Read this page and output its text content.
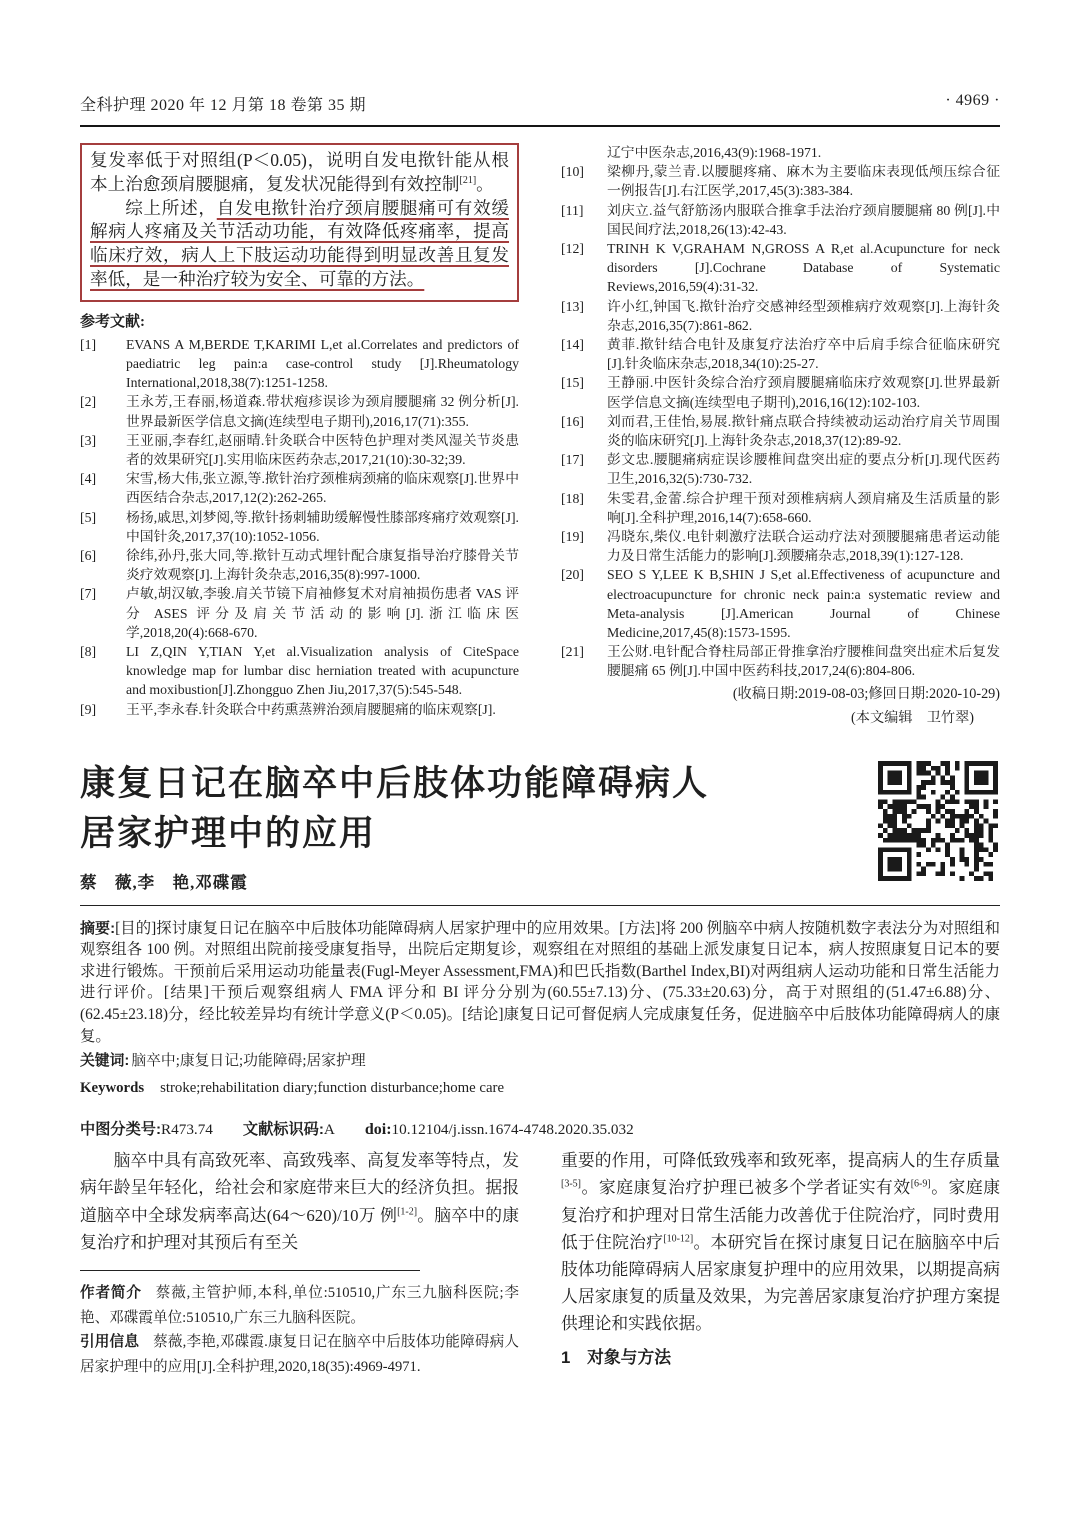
全科护理 2020 年 12 月第 18 卷第 35 期	· 4969 ·

复发率低于对照组(P＜0.05)，说明自发电揿针能从根本上治愈颈肩腰腿痛，复发状况能得到有效控制[21]。

综上所述，自发电揿针治疗颈肩腰腿痛可有效缓解病人疼痛及关节活动功能，有效降低疼痛率，提高临床疗效，病人上下肢运动功能得到明显改善且复发率低，是一种治疗较为安全、可靠的方法。

参考文献:
[1]	EVANS A M,BERDE T,KARIMI L,et al.Correlates and predictors of paediatric leg pain:a case-control study [J].Rheumatology International,2018,38(7):1251-1258.
[2]	王永芳,王春丽,杨道森.带状疱疹误诊为颈肩腰腿痛 32 例分析[J].世界最新医学信息文摘(连续型电子期刊),2016,17(71):355.
[3]	王亚丽,李春红,赵丽晴.针灸联合中医特色护理对类风湿关节炎患者的效果研究[J].实用临床医药杂志,2017,21(10):30-32;39.
[4]	宋雪,杨大伟,张立源,等.揿针治疗颈椎病颈痛的临床观察[J].世界中西医结合杂志,2017,12(2):262-265.
[5]	杨扬,戚思,刘梦阅,等.揿针扬刺辅助缓解慢性膝部疼痛疗效观察[J].中国针灸,2017,37(10):1052-1056.
[6]	徐纬,孙丹,张大同,等.揿针互动式埋针配合康复指导治疗膝骨关节炎疗效观察[J].上海针灸杂志,2016,35(8):997-1000.
[7]	卢敏,胡汉敏,李骏.肩关节镜下肩袖修复术对肩袖损伤患者 VAS 评分 ASES 评分及肩关节活动的影响[J].浙江临床医学,2018,20(4):668-670.
[8]	LI Z,QIN Y,TIAN Y,et al.Visualization analysis of CiteSpace knowledge map for lumbar disc herniation treated with acupuncture and moxibustion[J].Zhongguo Zhen Jiu,2017,37(5):545-548.
[9]	王平,李永春.针灸联合中药熏蒸辨治颈肩腰腿痛的临床观察[J].
辽宁中医杂志,2016,43(9):1968-1971.
[10]	梁柳丹,蒙兰青.以腰腿疼痛、麻木为主要临床表现低颅压综合征一例报告[J].右江医学,2017,45(3):383-384.
[11]	刘庆立.益气舒筋汤内服联合推拿手法治疗颈肩腰腿痛 80 例[J].中国民间疗法,2018,26(13):42-43.
[12]	TRINH K V,GRAHAM N,GROSS A R,et al.Acupuncture for neck disorders [J].Cochrane Database of Systematic Reviews,2016,59(4):31-32.
[13]	许小红,钟国飞.揿针治疗交感神经型颈椎病疗效观察[J].上海针灸杂志,2016,35(7):861-862.
[14]	黄菲.揿针结合电针及康复疗法治疗卒中后肩手综合征临床研究[J].针灸临床杂志,2018,34(10):25-27.
[15]	王静丽.中医针灸综合治疗颈肩腰腿痛临床疗效观察[J].世界最新医学信息文摘(连续型电子期刊),2016,16(12):102-103.
[16]	刘而君,王佳怡,易展.揿针痛点联合持续被动运动治疗肩关节周围炎的临床研究[J].上海针灸杂志,2018,37(12):89-92.
[17]	彭文忠.腰腿痛病症误诊腰椎间盘突出症的要点分析[J].现代医药卫生,2016,32(5):730-732.
[18]	朱雯君,金蕾.综合护理干预对颈椎病病人颈肩痛及生活质量的影响[J].全科护理,2016,14(7):658-660.
[19]	冯晓东,柴仪.电针刺激疗法联合运动疗法对颈腰腿痛患者运动能力及日常生活能力的影响[J].颈腰痛杂志,2018,39(1):127-128.
[20]	SEO S Y,LEE K B,SHIN J S,et al.Effectiveness of acupuncture and electroacupuncture for chronic neck pain:a systematic review and Meta-analysis [J].American Journal of Chinese Medicine,2017,45(8):1573-1595.
[21]	王公财.电针配合脊柱局部正骨推拿治疗腰椎间盘突出症术后复发腰腿痛 65 例[J].中国中医药科技,2017,24(6):804-806.
(收稿日期:2019-08-03;修回日期:2020-10-29)
(本文编辑　卫竹翠)
康复日记在脑卒中后肢体功能障碍病人
居家护理中的应用
蔡　薇,李　艳,邓碟霞

摘要:[目的]探讨康复日记在脑卒中后肢体功能障碍病人居家护理中的应用效果。[方法]将 200 例脑卒中病人按随机数字表法分为对照组和观察组各 100 例。对照组出院前接受康复指导，出院后定期复诊，观察组在对照组的基础上派发康复日记本，病人按照康复日记本的要求进行锻炼。干预前后采用运动功能量表(Fugl-Meyer Assessment,FMA)和巴氏指数(Barthel Index,BI)对两组病人运动功能和日常生活能力进行评价。[结果]干预后观察组病人 FMA 评分和 BI 评分分别为(60.55±7.13)分、(75.33±20.63)分，高于对照组的(51.47±6.88)分、(62.45±23.18)分，经比较差异均有统计学意义(P＜0.05)。[结论]康复日记可督促病人完成康复任务，促进脑卒中后肢体功能障碍病人的康复。

关键词: 脑卒中;康复日记;功能障碍;居家护理

Keywords stroke;rehabilitation diary;function disturbance;home care

中图分类号:R473.74 文献标识码:A doi:10.12104/j.issn.1674-4748.2020.35.032

脑卒中具有高致死率、高致残率、高复发率等特点，发病年龄呈年轻化，给社会和家庭带来巨大的经济负担。据报道脑卒中全球发病率高达(64～620)/10万 例[1-2]。脑卒中的康复治疗和护理对其预后有至关

作者简介 蔡薇,主管护师,本科,单位:510510,广东三九脑科医院;李艳、邓碟霞单位:510510,广东三九脑科医院。

引用信息 蔡薇,李艳,邓碟霞.康复日记在脑卒中后肢体功能障碍病人居家护理中的应用[J].全科护理,2020,18(35):4969-4971.

重要的作用，可降低致残率和致死率，提高病人的生存质量[3-5]。家庭康复治疗护理已被多个学者证实有效[6-9]。家庭康复治疗和护理对日常生活能力改善优于住院治疗，同时费用低于住院治疗[10-12]。本研究旨在探讨康复日记在脑脑卒中后肢体功能障碍病人居家康复护理中的应用效果，以期提高病人居家康复的质量及效果，为完善居家康复治疗护理方案提供理论和实践依据。

1　对象与方法
